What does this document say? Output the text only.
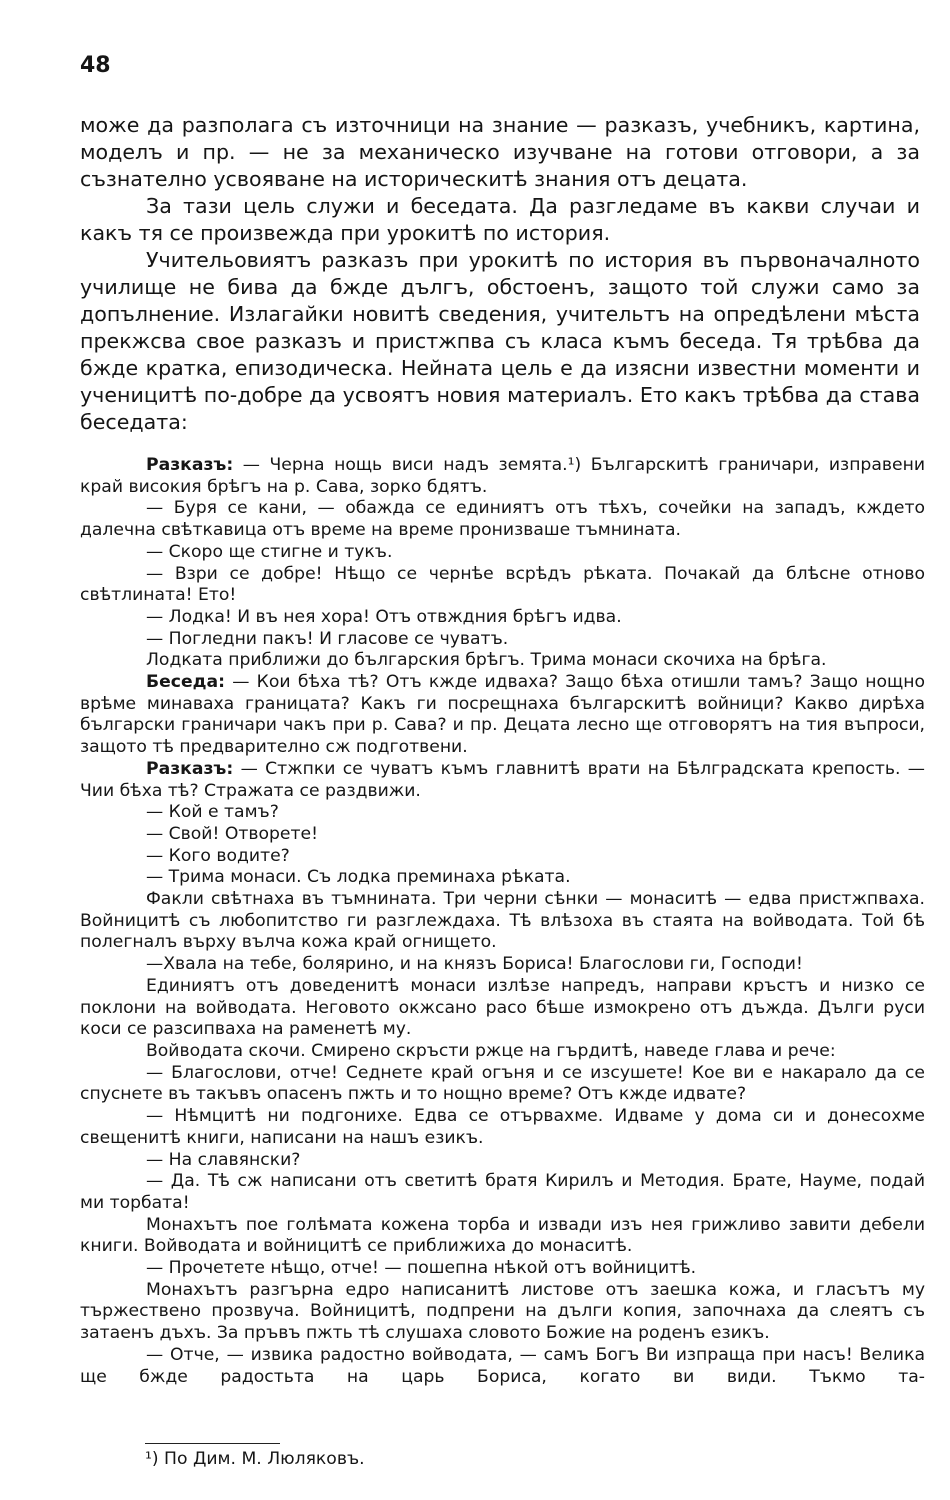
48

може да разполага съ източници на знание — разказъ, учебникъ, картина, моделъ и пр. — не за механическо изучване на готови отговори, а за съзнателно усвояване на историческитѣ знания отъ децата.

За тази цель служи и беседата. Да разгледаме въ какви случаи и какъ тя се произвежда при урокитѣ по история.

Учительовиятъ разказъ при урокитѣ по история въ първоначалното училище не бива да бжде дългъ, обстоенъ, защото той служи само за допълнение. Излагайки новитѣ сведения, учительтъ на опредѣлени мѣста прекжсва свое разказъ и пристжпва съ класа къмъ беседа. Тя трѣбва да бжде кратка, епизодическа. Нейната цель е да изясни известни моменти и ученицитѣ по-добре да усвоятъ новия материалъ. Ето какъ трѣбва да става беседата:

Разказъ: — Черна нощь виси надъ земята.¹) Българскитѣ граничари, изправени край високия брѣгъ на р. Сава, зорко бдятъ.

— Буря се кани, — обажда се единиятъ отъ тѣхъ, сочейки на западъ, кждето далечна свѣткавица отъ време на време пронизваше тъмнината.

— Скоро ще стигне и тукъ.

— Взри се добре! Нѣщо се чернѣе всрѣдъ рѣката. Почакай да блѣсне отново свѣтлината! Ето!

— Лодка! И въ нея хора! Отъ отвждния брѣгъ идва.

— Погледни пакъ! И гласове се чуватъ.

Лодката приближи до българския брѣгъ. Трима монаси скочиха на брѣга.

Беседа: — Кои бѣха тѣ? Отъ кжде идваха? Защо бѣха отишли тамъ? Защо нощно врѣме минаваха границата? Какъ ги посрещнаха българскитѣ войници? Какво дирѣха български граничари чакъ при р. Сава? и пр. Децата лесно ще отговорятъ на тия въпроси, защото тѣ предварително сж подготвени.

Разказъ: — Стжпки се чуватъ къмъ главнитѣ врати на Бѣлградската крепость. — Чии бѣха тѣ? Стражата се раздвижи.

— Кой е тамъ?

— Свой! Отворете!

— Кого водите?

— Трима монаси. Съ лодка преминаха рѣката.

Факли свѣтнаха въ тъмнината. Три черни сѣнки — монаситѣ — едва пристжпваха. Войницитѣ съ любопитство ги разглеждаха. Тѣ влѣзоха въ стаята на войводата. Той бѣ полегналъ върху вълча кожа край огнището.

—Хвала на тебе, болярино, и на князъ Бориса! Благослови ги, Господи!

Единиятъ отъ доведенитѣ монаси излѣзе напредъ, направи кръстъ и низко се поклони на войводата. Неговото окжсано расо бѣше измокрено отъ дъжда. Дълги руси коси се разсипваха на раменетѣ му.

Войводата скочи. Смирено скръсти ржце на гърдитѣ, наведе глава и рече:

— Благослови, отче! Седнете край огъня и се изсушете! Кое ви е накарало да се спуснете въ такъвъ опасенъ пжть и то нощно време? Отъ кжде идвате?

— Нѣмцитѣ ни подгонихе. Едва се отървахме. Идваме у дома си и донесохме свещенитѣ книги, написани на нашъ езикъ.

— На славянски?

— Да. Тѣ сж написани отъ светитѣ братя Кирилъ и Методия. Брате, Науме, подай ми торбата!

Монахътъ пое голѣмата кожена торба и извади изъ нея грижливо завити дебели книги. Войводата и войницитѣ се приближиха до монаситѣ.

— Прочетете нѣщо, отче! — пошепна нѣкой отъ войницитѣ.

Монахътъ разгърна едро написанитѣ листове отъ заешка кожа, и гласътъ му тържествено прозвуча. Войницитѣ, подпрени на дълги копия, започнаха да слеятъ съ затаенъ дъхъ. За пръвъ пжть тѣ слушаха словото Божие на роденъ езикъ.

— Отче, — извика радостно войводата, — самъ Богъ Ви изпраща при насъ! Велика ще бжде радостьта на царь Бориса, когато ви види. Тъкмо та-

¹) По Дим. М. Люляковъ.
